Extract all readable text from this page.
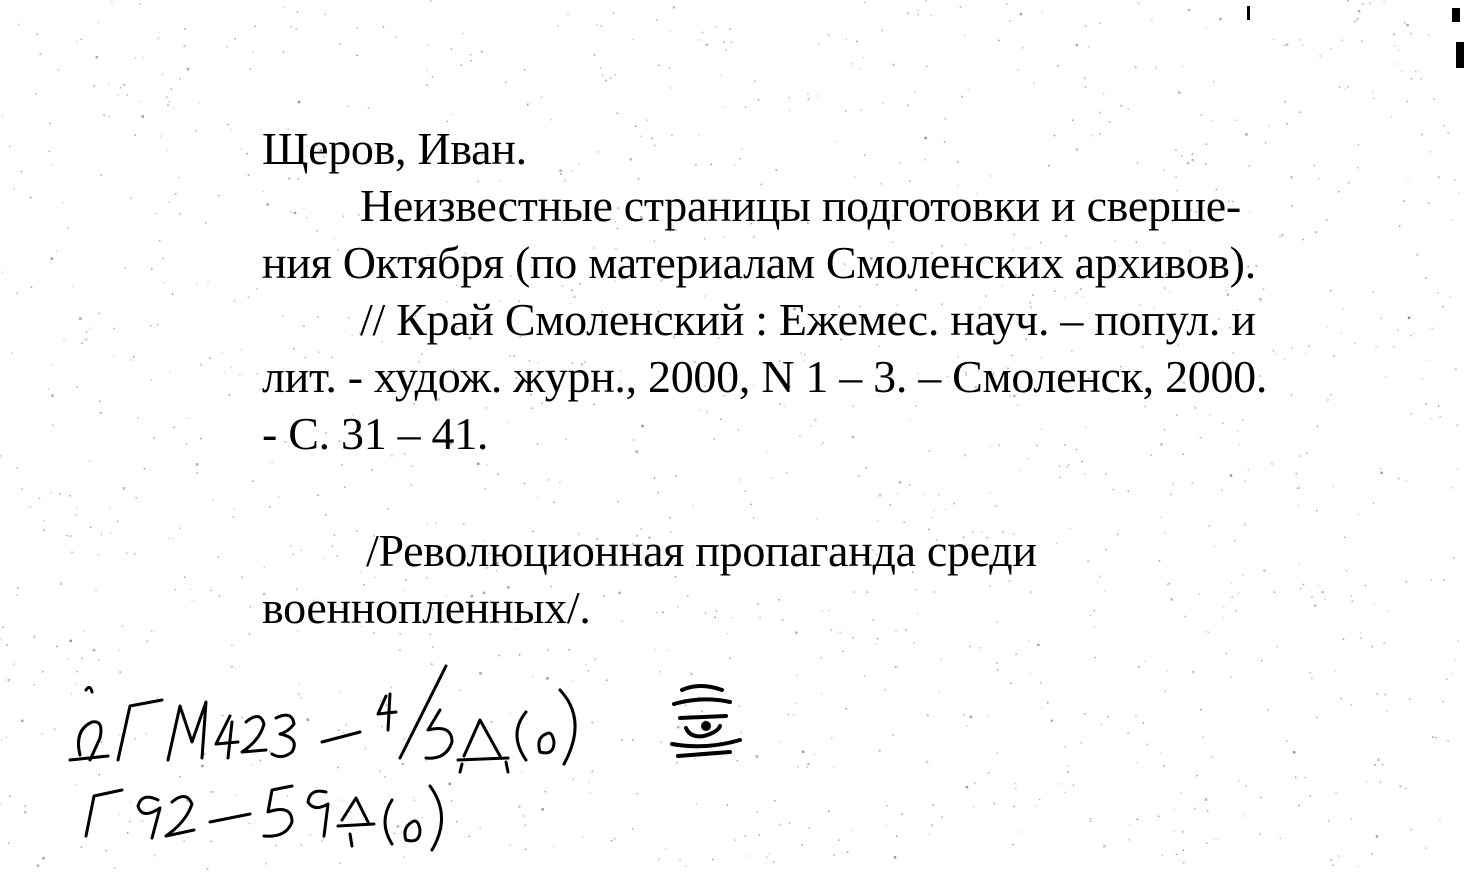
Щеров, Иван.
Неизвестные страницы подготовки и сверше-
ния Октября (по материалам Смоленских архивов).
// Край Смоленский : Ежемес. науч. – попул. и
лит. - худож. журн., 2000, N 1 – 3. – Смоленск, 2000.
- С. 31 – 41.
/Революционная пропаганда среди
военнопленных/.
